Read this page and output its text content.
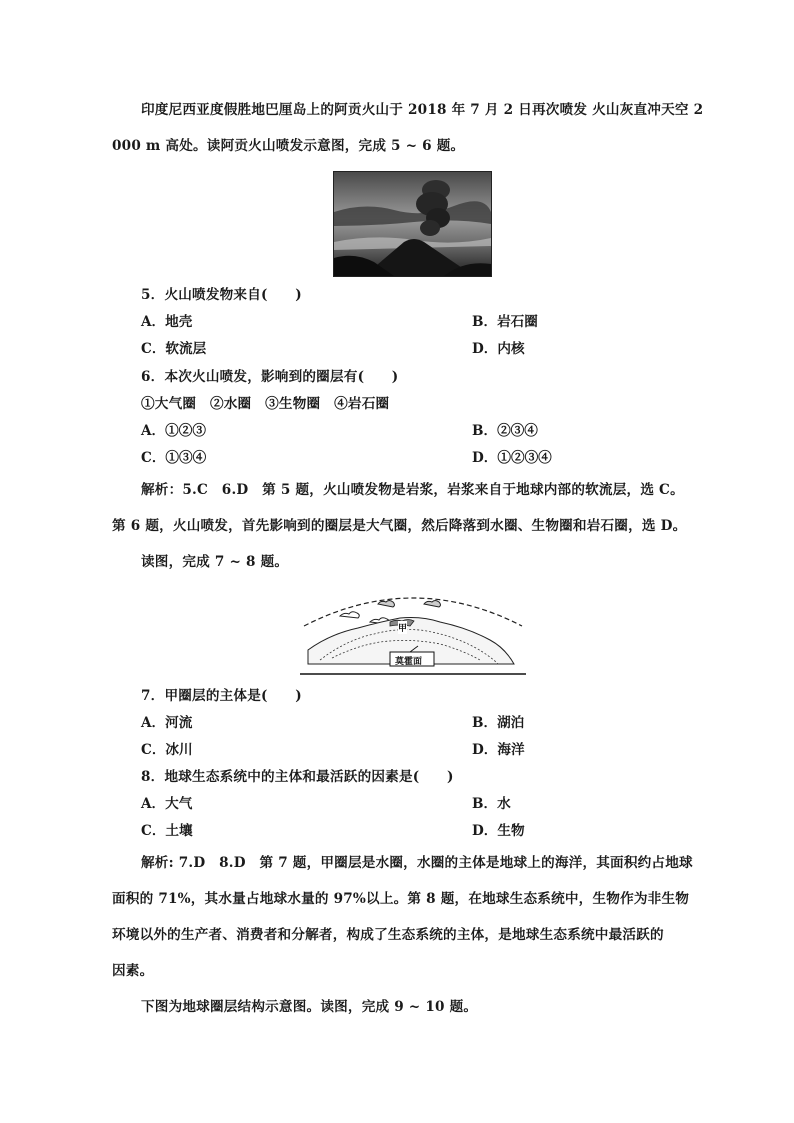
印度尼西亚度假胜地巴厘岛上的阿贡火山于 2018 年 7 月 2 日再次喷发 火山灰直冲天空 2
000 m 高处。读阿贡火山喷发示意图，完成 5 ~ 6 题。
5．火山喷发物来自(　　)
A．地壳	B．岩石圈
C．软流层	D．内核
6．本次火山喷发，影响到的圈层有(　　)
①大气圈　②水圈　③生物圈　④岩石圈
A．①②③	B．②③④
C．①③④	D．①②③④
解析：5.C　6.D　第 5 题，火山喷发物是岩浆，岩浆来自于地球内部的软流层，选 C。
第 6 题，火山喷发，首先影响到的圈层是大气圈，然后降落到水圈、生物圈和岩石圈，选 D。
读图，完成 7 ~ 8 题。
甲
莫霍面
7．甲圈层的主体是(　　)
A．河流	B．湖泊
C．冰川	D．海洋
8．地球生态系统中的主体和最活跃的因素是(　　)
A．大气	B．水
C．土壤	D．生物
解析: 7.D　8.D　第 7 题，甲圈层是水圈，水圈的主体是地球上的海洋，其面积约占地球
面积的 71%，其水量占地球水量的 97%以上。第 8 题，在地球生态系统中，生物作为非生物
环境以外的生产者、消费者和分解者，构成了生态系统的主体，是地球生态系统中最活跃的
因素。
下图为地球圈层结构示意图。读图，完成 9 ~ 10 题。
